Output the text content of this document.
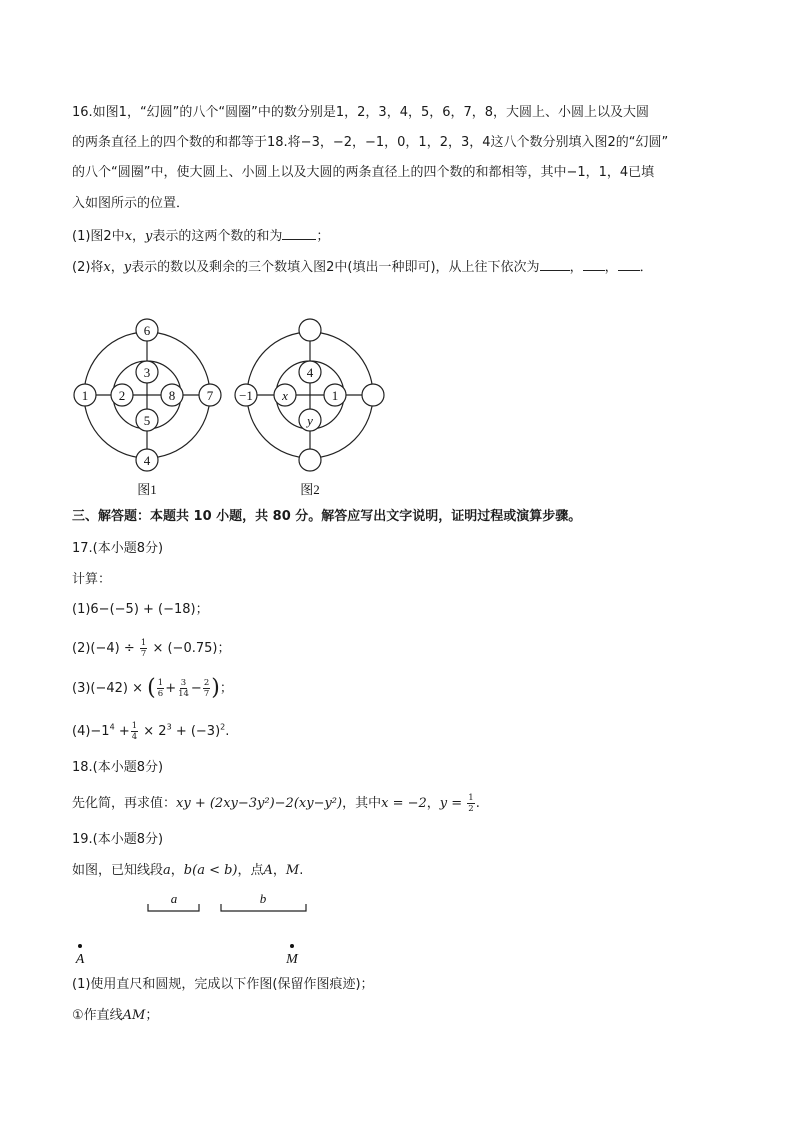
16.如图1，“幻圆”的八个“圆圈”中的数分别是1，2，3，4，5，6，7，8，大圆上、小圆上以及大圆
的两条直径上的四个数的和都等于18.将−3，−2，−1，0，1，2，3，4这八个数分别填入图2的“幻圆”
的八个“圆圈”中，使大圆上、小圆上以及大圆的两条直径上的四个数的和都相等，其中−1，1，4已填
入如图所示的位置．
(1)图2中x，y表示的这两个数的和为	；
(2)将x，y表示的数以及剩余的三个数填入图2中(填出一种即可)，从上往下依次为 ， ， ．
6
1	7
4
3
2	8
5
图1
−1
4
x	1
y
图2
三、解答题：本题共 10 小题，共 80 分。解答应写出文字说明，证明过程或演算步骤。
17.(本小题8分)
计算：
(1)6−(−5) + (−18)；
$(2)(-4) \div \frac{1}{7} \times (-0.75)$；
(3)(−42) × ( $\frac{1}{6} + \frac{3}{14} - \frac{2}{7}$ )；
$(4)-1^4 + \frac{1}{4} \times 2^3 + (-3)^2$.
18.(本小题8分)
先化简，再求值：xy + (2xy−3y²)−2(xy−y²)，其中x = −2，$y = \frac{1}{2}$ .
19.(本小题8分)
如图，已知线段a，b(a < b)，点A，M.
a	b
A	M
(1)使用直尺和圆规，完成以下作图(保留作图痕迹)；
①作直线AM；
